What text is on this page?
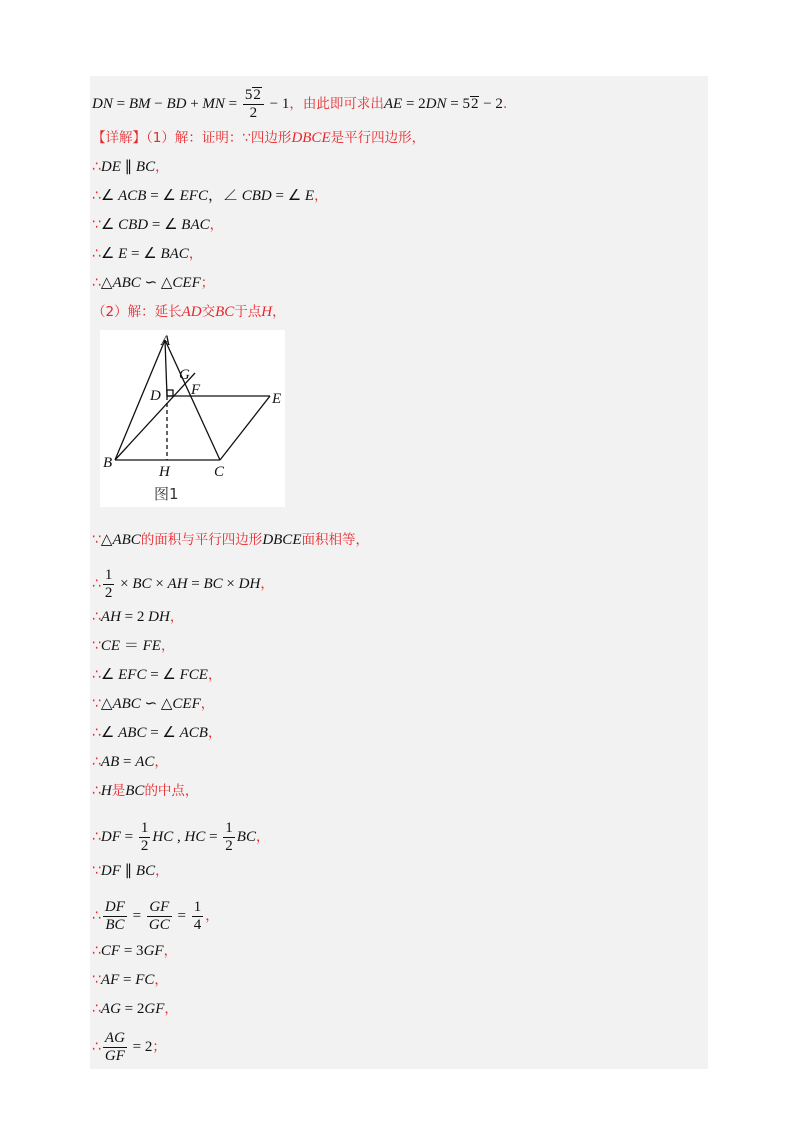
DN = BM − BD + MN = $\frac{52}{2} - 1$，由此即可求出AE = 2DN = 52 − 2.
【详解】（1）解：证明：∵四边形DBCE是平行四边形，
∴DE ∥ BC，
∴∠ ACB = ∠ EFC，∠ CBD = ∠ E，
∵∠ CBD = ∠ BAC，
∴∠ E = ∠ BAC，
∴△ABC ∽ △CEF；
（2）解：延长AD交BC于点H，
A
B
C
D	E
F
G
H
图1
∵△ABC的面积与平行四边形DBCE面积相等，
∴ $\frac{1}{2}$ × BC × AH = BC × DH，
∴AH = 2 DH，
∵CE ＝ FE，
∴∠ EFC = ∠ FCE，
∵△ABC ∽ △CEF，
∴∠ ABC = ∠ ACB，
∴AB = AC，
∴H是BC的中点，
∴DF = $\frac{1}{2}$ HC , HC = $\frac{1}{2}$ BC，
∵DF ∥ BC，
∴ $\frac{DF}{BC} = \frac{GF}{GC} = \frac{1}{4}$ ，
∴CF = 3GF，
∵AF = FC，
∴AG = 2GF，
∴ $\frac{AG}{GF} = 2$；
